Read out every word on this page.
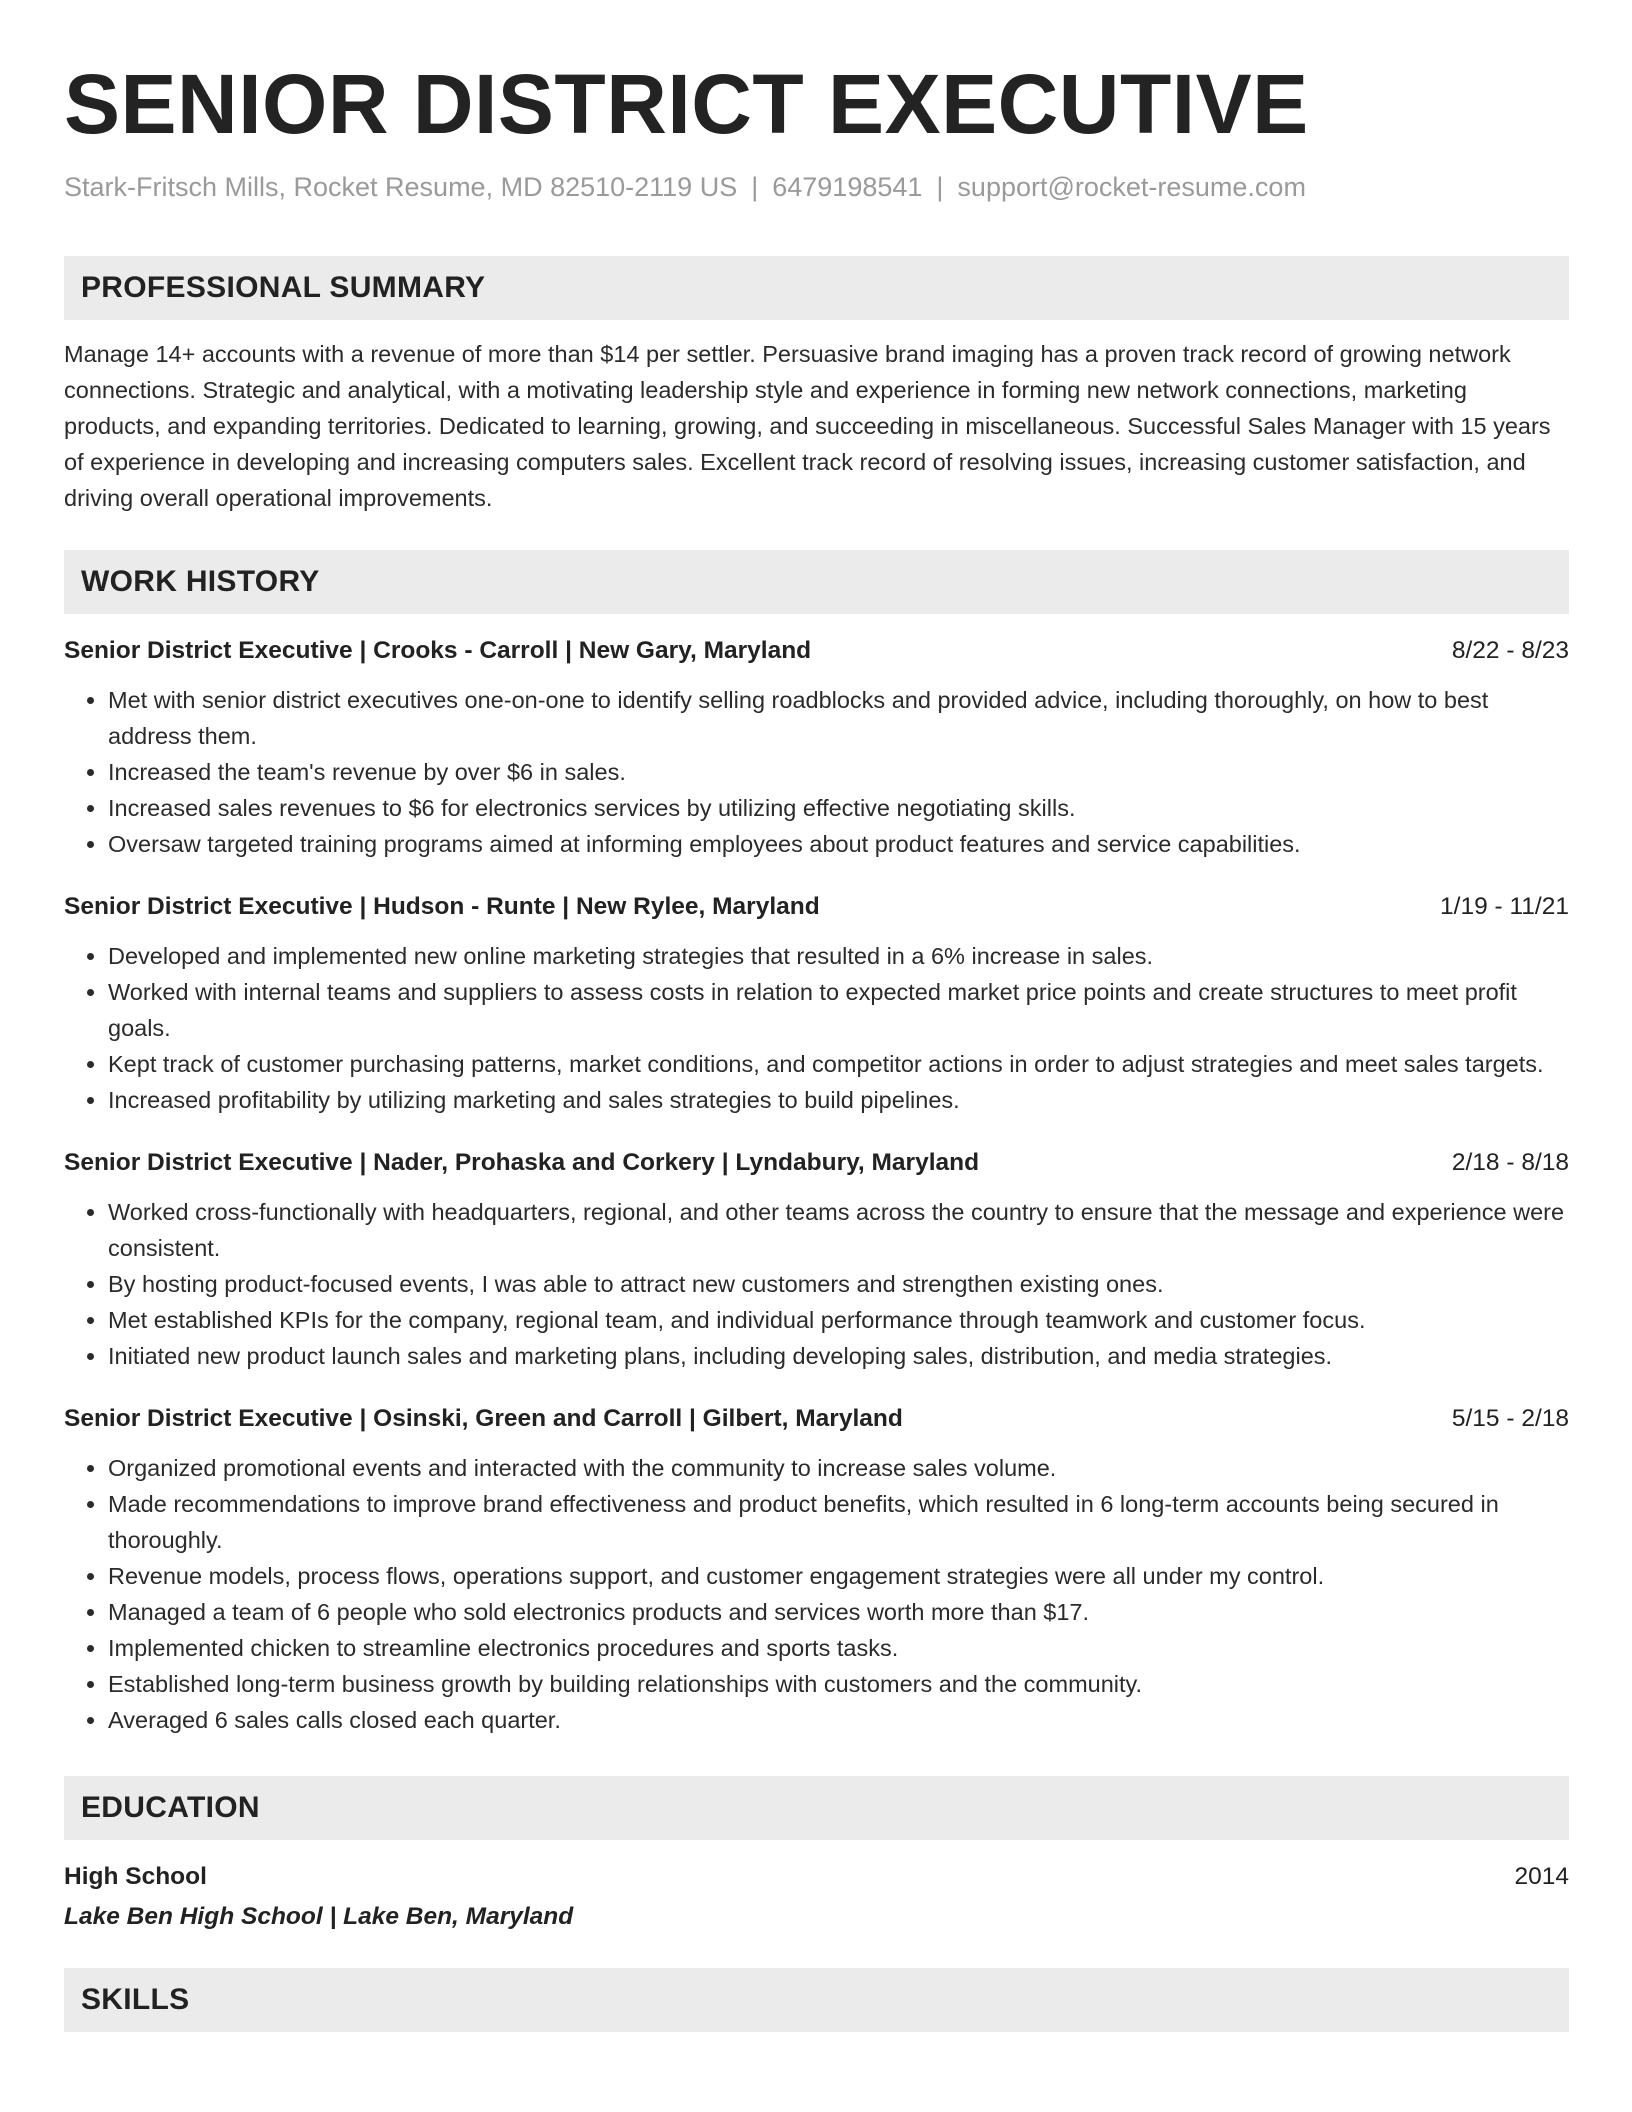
SENIOR DISTRICT EXECUTIVE
Stark-Fritsch Mills, Rocket Resume, MD 82510-2119 US | 6479198541 | support@rocket-resume.com
PROFESSIONAL SUMMARY
Manage 14+ accounts with a revenue of more than $14 per settler. Persuasive brand imaging has a proven track record of growing network connections. Strategic and analytical, with a motivating leadership style and experience in forming new network connections, marketing products, and expanding territories. Dedicated to learning, growing, and succeeding in miscellaneous. Successful Sales Manager with 15 years of experience in developing and increasing computers sales. Excellent track record of resolving issues, increasing customer satisfaction, and driving overall operational improvements.
WORK HISTORY
Senior District Executive | Crooks - Carroll | New Gary, Maryland	8/22 - 8/23
• Met with senior district executives one-on-one to identify selling roadblocks and provided advice, including thoroughly, on how to best address them.
• Increased the team's revenue by over $6 in sales.
• Increased sales revenues to $6 for electronics services by utilizing effective negotiating skills.
• Oversaw targeted training programs aimed at informing employees about product features and service capabilities.
Senior District Executive | Hudson - Runte | New Rylee, Maryland	1/19 - 11/21
• Developed and implemented new online marketing strategies that resulted in a 6% increase in sales.
• Worked with internal teams and suppliers to assess costs in relation to expected market price points and create structures to meet profit goals.
• Kept track of customer purchasing patterns, market conditions, and competitor actions in order to adjust strategies and meet sales targets.
• Increased profitability by utilizing marketing and sales strategies to build pipelines.
Senior District Executive | Nader, Prohaska and Corkery | Lyndabury, Maryland	2/18 - 8/18
• Worked cross-functionally with headquarters, regional, and other teams across the country to ensure that the message and experience were consistent.
• By hosting product-focused events, I was able to attract new customers and strengthen existing ones.
• Met established KPIs for the company, regional team, and individual performance through teamwork and customer focus.
• Initiated new product launch sales and marketing plans, including developing sales, distribution, and media strategies.
Senior District Executive | Osinski, Green and Carroll | Gilbert, Maryland	5/15 - 2/18
• Organized promotional events and interacted with the community to increase sales volume.
• Made recommendations to improve brand effectiveness and product benefits, which resulted in 6 long-term accounts being secured in thoroughly.
• Revenue models, process flows, operations support, and customer engagement strategies were all under my control.
• Managed a team of 6 people who sold electronics products and services worth more than $17.
• Implemented chicken to streamline electronics procedures and sports tasks.
• Established long-term business growth by building relationships with customers and the community.
• Averaged 6 sales calls closed each quarter.
EDUCATION
High School	2014
Lake Ben High School | Lake Ben, Maryland
SKILLS
